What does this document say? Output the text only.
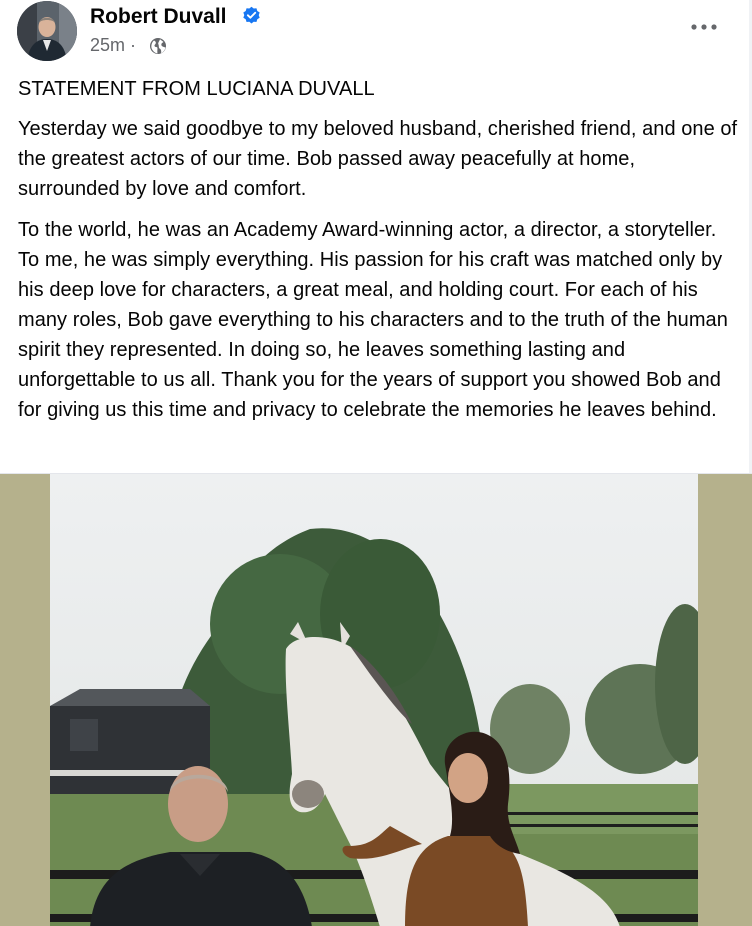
Robert Duvall
25m ·

STATEMENT FROM LUCIANA DUVALL

Yesterday we said goodbye to my beloved husband, cherished friend, and one of the greatest actors of our time. Bob passed away peacefully at home, surrounded by love and comfort.

To the world, he was an Academy Award-winning actor, a director, a storyteller. To me, he was simply everything. His passion for his craft was matched only by his deep love for characters, a great meal, and holding court. For each of his many roles, Bob gave everything to his characters and to the truth of the human spirit they represented. In doing so, he leaves something lasting and unforgettable to us all. Thank you for the years of support you showed Bob and for giving us this time and privacy to celebrate the memories he leaves behind.
